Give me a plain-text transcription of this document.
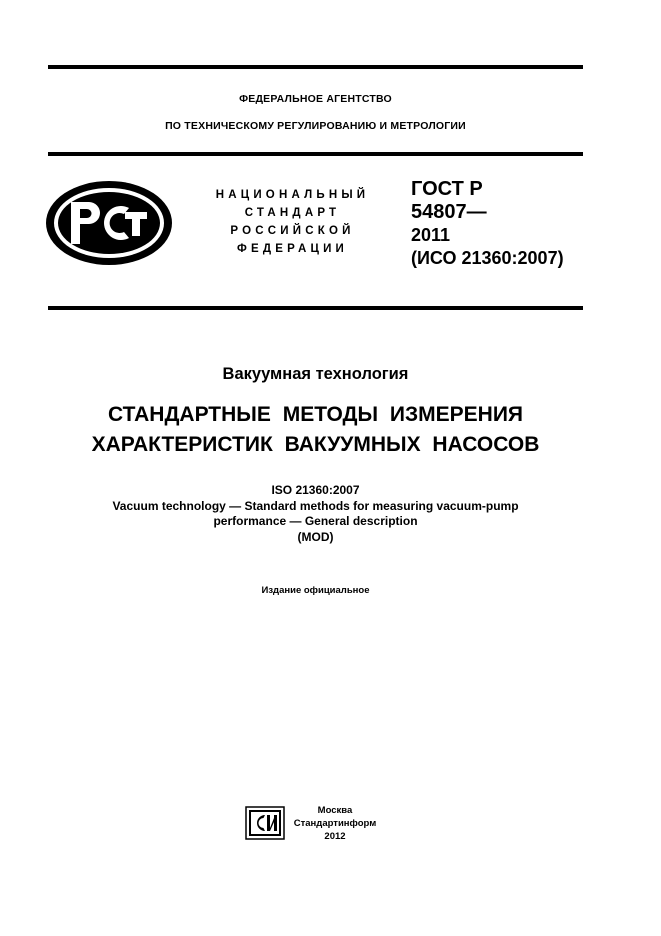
ФЕДЕРАЛЬНОЕ АГЕНТСТВО
ПО ТЕХНИЧЕСКОМУ РЕГУЛИРОВАНИЮ И МЕТРОЛОГИИ
НАЦИОНАЛЬНЫЙ
СТАНДАРТ
РОССИЙСКОЙ
ФЕДЕРАЦИИ
ГОСТ Р
54807—
2011
(ИСО 21360:2007)
Вакуумная технология
СТАНДАРТНЫЕ МЕТОДЫ ИЗМЕРЕНИЯ
ХАРАКТЕРИСТИК ВАКУУМНЫХ НАСОСОВ
ISO 21360:2007
Vacuum technology — Standard methods for measuring vacuum-pump
performance — General description
(MOD)
Издание официальное
Москва
Стандартинформ
2012
